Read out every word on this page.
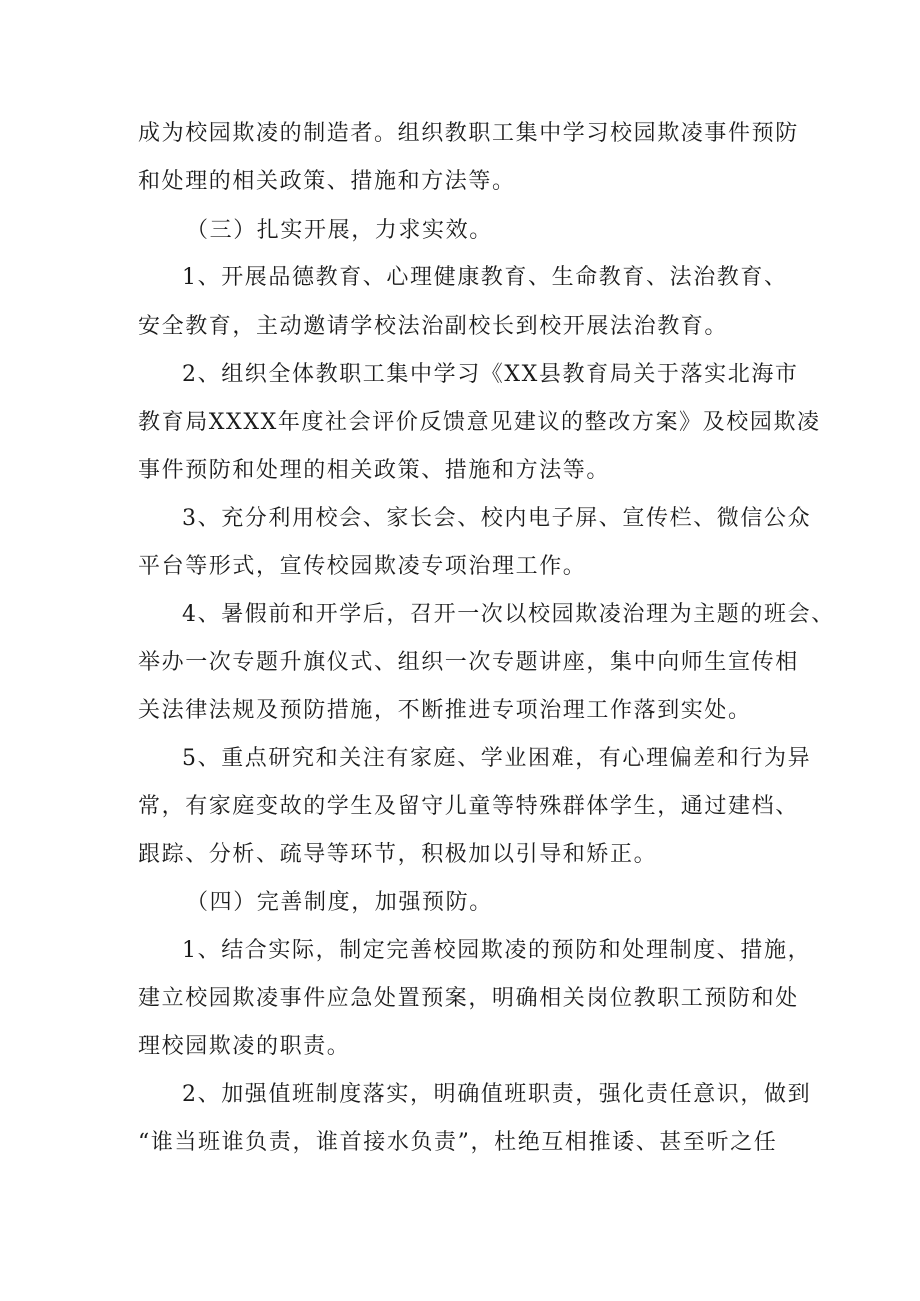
成为校园欺凌的制造者。组织教职工集中学习校园欺凌事件预防
和处理的相关政策、措施和方法等。
（三）扎实开展，力求实效。
1、开展品德教育、心理健康教育、生命教育、法治教育、
安全教育，主动邀请学校法治副校长到校开展法治教育。
2、组织全体教职工集中学习《XX县教育局关于落实北海市
教育局XXXX年度社会评价反馈意见建议的整改方案》及校园欺凌
事件预防和处理的相关政策、措施和方法等。
3、充分利用校会、家长会、校内电子屏、宣传栏、微信公众
平台等形式，宣传校园欺凌专项治理工作。
4、暑假前和开学后，召开一次以校园欺凌治理为主题的班会、
举办一次专题升旗仪式、组织一次专题讲座，集中向师生宣传相
关法律法规及预防措施，不断推进专项治理工作落到实处。
5、重点研究和关注有家庭、学业困难，有心理偏差和行为异
常，有家庭变故的学生及留守儿童等特殊群体学生，通过建档、
跟踪、分析、疏导等环节，积极加以引导和矫正。
（四）完善制度，加强预防。
1、结合实际，制定完善校园欺凌的预防和处理制度、措施，
建立校园欺凌事件应急处置预案，明确相关岗位教职工预防和处
理校园欺凌的职责。
2、加强值班制度落实，明确值班职责，强化责任意识，做到
“谁当班谁负责，谁首接水负责”，杜绝互相推诿、甚至听之任
